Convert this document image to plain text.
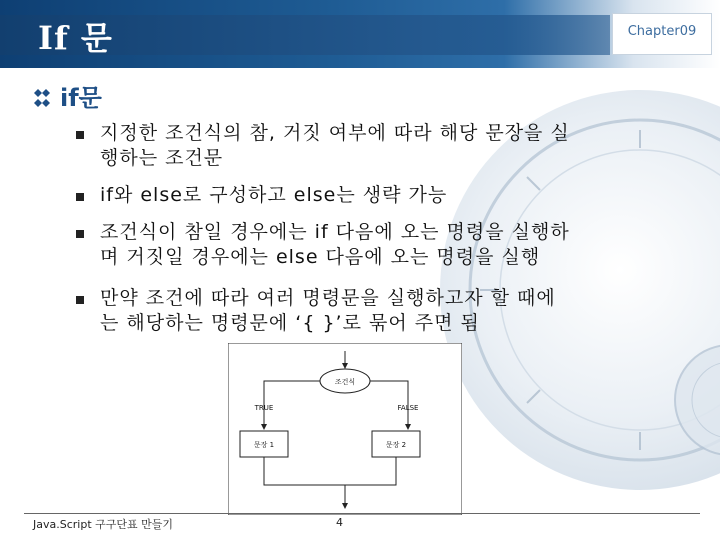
If 문	Chapter09
if문
지정한 조건식의 참, 거짓 여부에 따라 해당 문장을 실
행하는 조건문
if와 else로 구성하고 else는 생략 가능
조건식이 참일 경우에는 if 다음에 오는 명령을 실행하
며 거짓일 경우에는 else 다음에 오는 명령을 실행
만약 조건에 따라 여러 명령문을 실행하고자 할 때에
는 해당하는 명령문에 ‘{ }’로 묶어 주면 됨
조건식
TRUE	FALSE
문장 1	문장 2
Java.Script 구구단표 만들기	4
